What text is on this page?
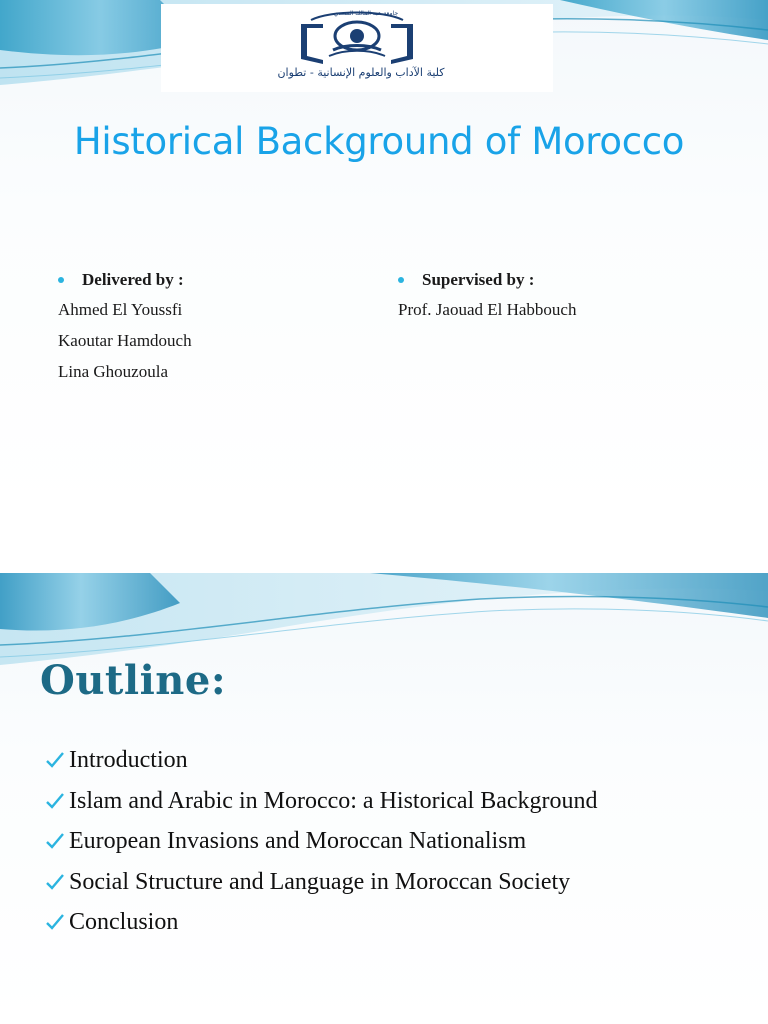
جامعة عبد المالك السعدي
كلية الآداب والعلوم الإنسانية - تطوان
Historical Background of Morocco
Delivered by :
Ahmed El Youssfi
Kaoutar Hamdouch
Lina Ghouzoula
Supervised by :
Prof. Jaouad El Habbouch
Outline:
Introduction
Islam and Arabic in Morocco: a Historical Background
European Invasions and Moroccan Nationalism
Social Structure and Language in Moroccan Society
Conclusion
